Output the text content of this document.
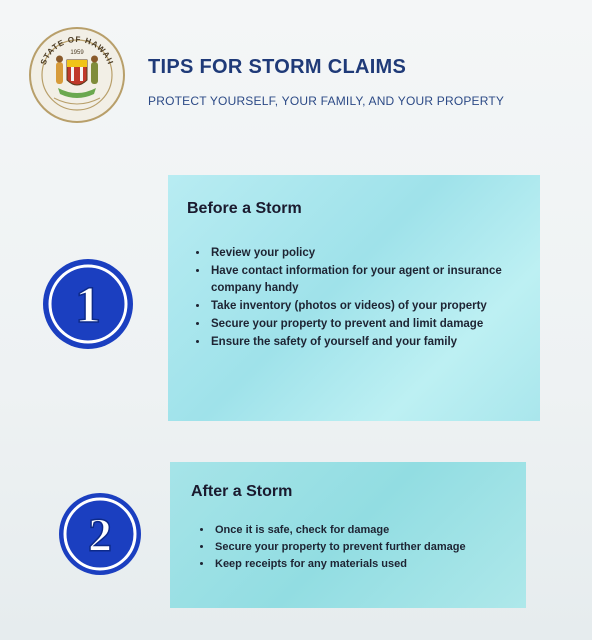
STATE OF HAWAII
1959
TIPS FOR STORM CLAIMS

PROTECT YOURSELF, YOUR FAMILY, AND YOUR PROPERTY

1
2
Before a Storm
• Review your policy
• Have contact information for your agent or insurance company handy
• Take inventory (photos or videos) of your property
• Secure your property to prevent and limit damage
• Ensure the safety of yourself and your family
After a Storm
• Once it is safe, check for damage
• Secure your property to prevent further damage
• Keep receipts for any materials used
